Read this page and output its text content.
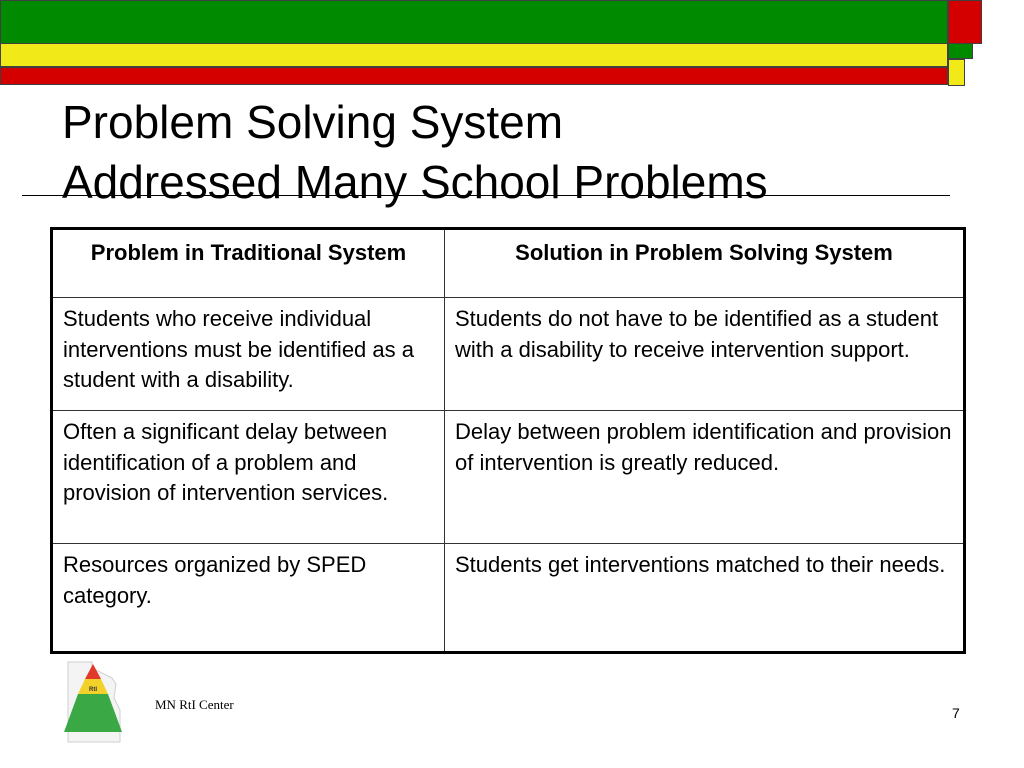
Problem Solving System
Addressed Many School Problems
Problem in Traditional System	Solution in Problem Solving System
Students who receive individual interventions must be identified as a student with a disability.	Students do not have to be identified as a student with a disability to receive intervention support.
Often a significant delay between identification of a problem and provision of intervention services.	Delay between problem identification and provision of intervention is greatly reduced.
Resources organized by SPED category.	Students get interventions matched to their needs.
RtI
MN RtI Center
7
